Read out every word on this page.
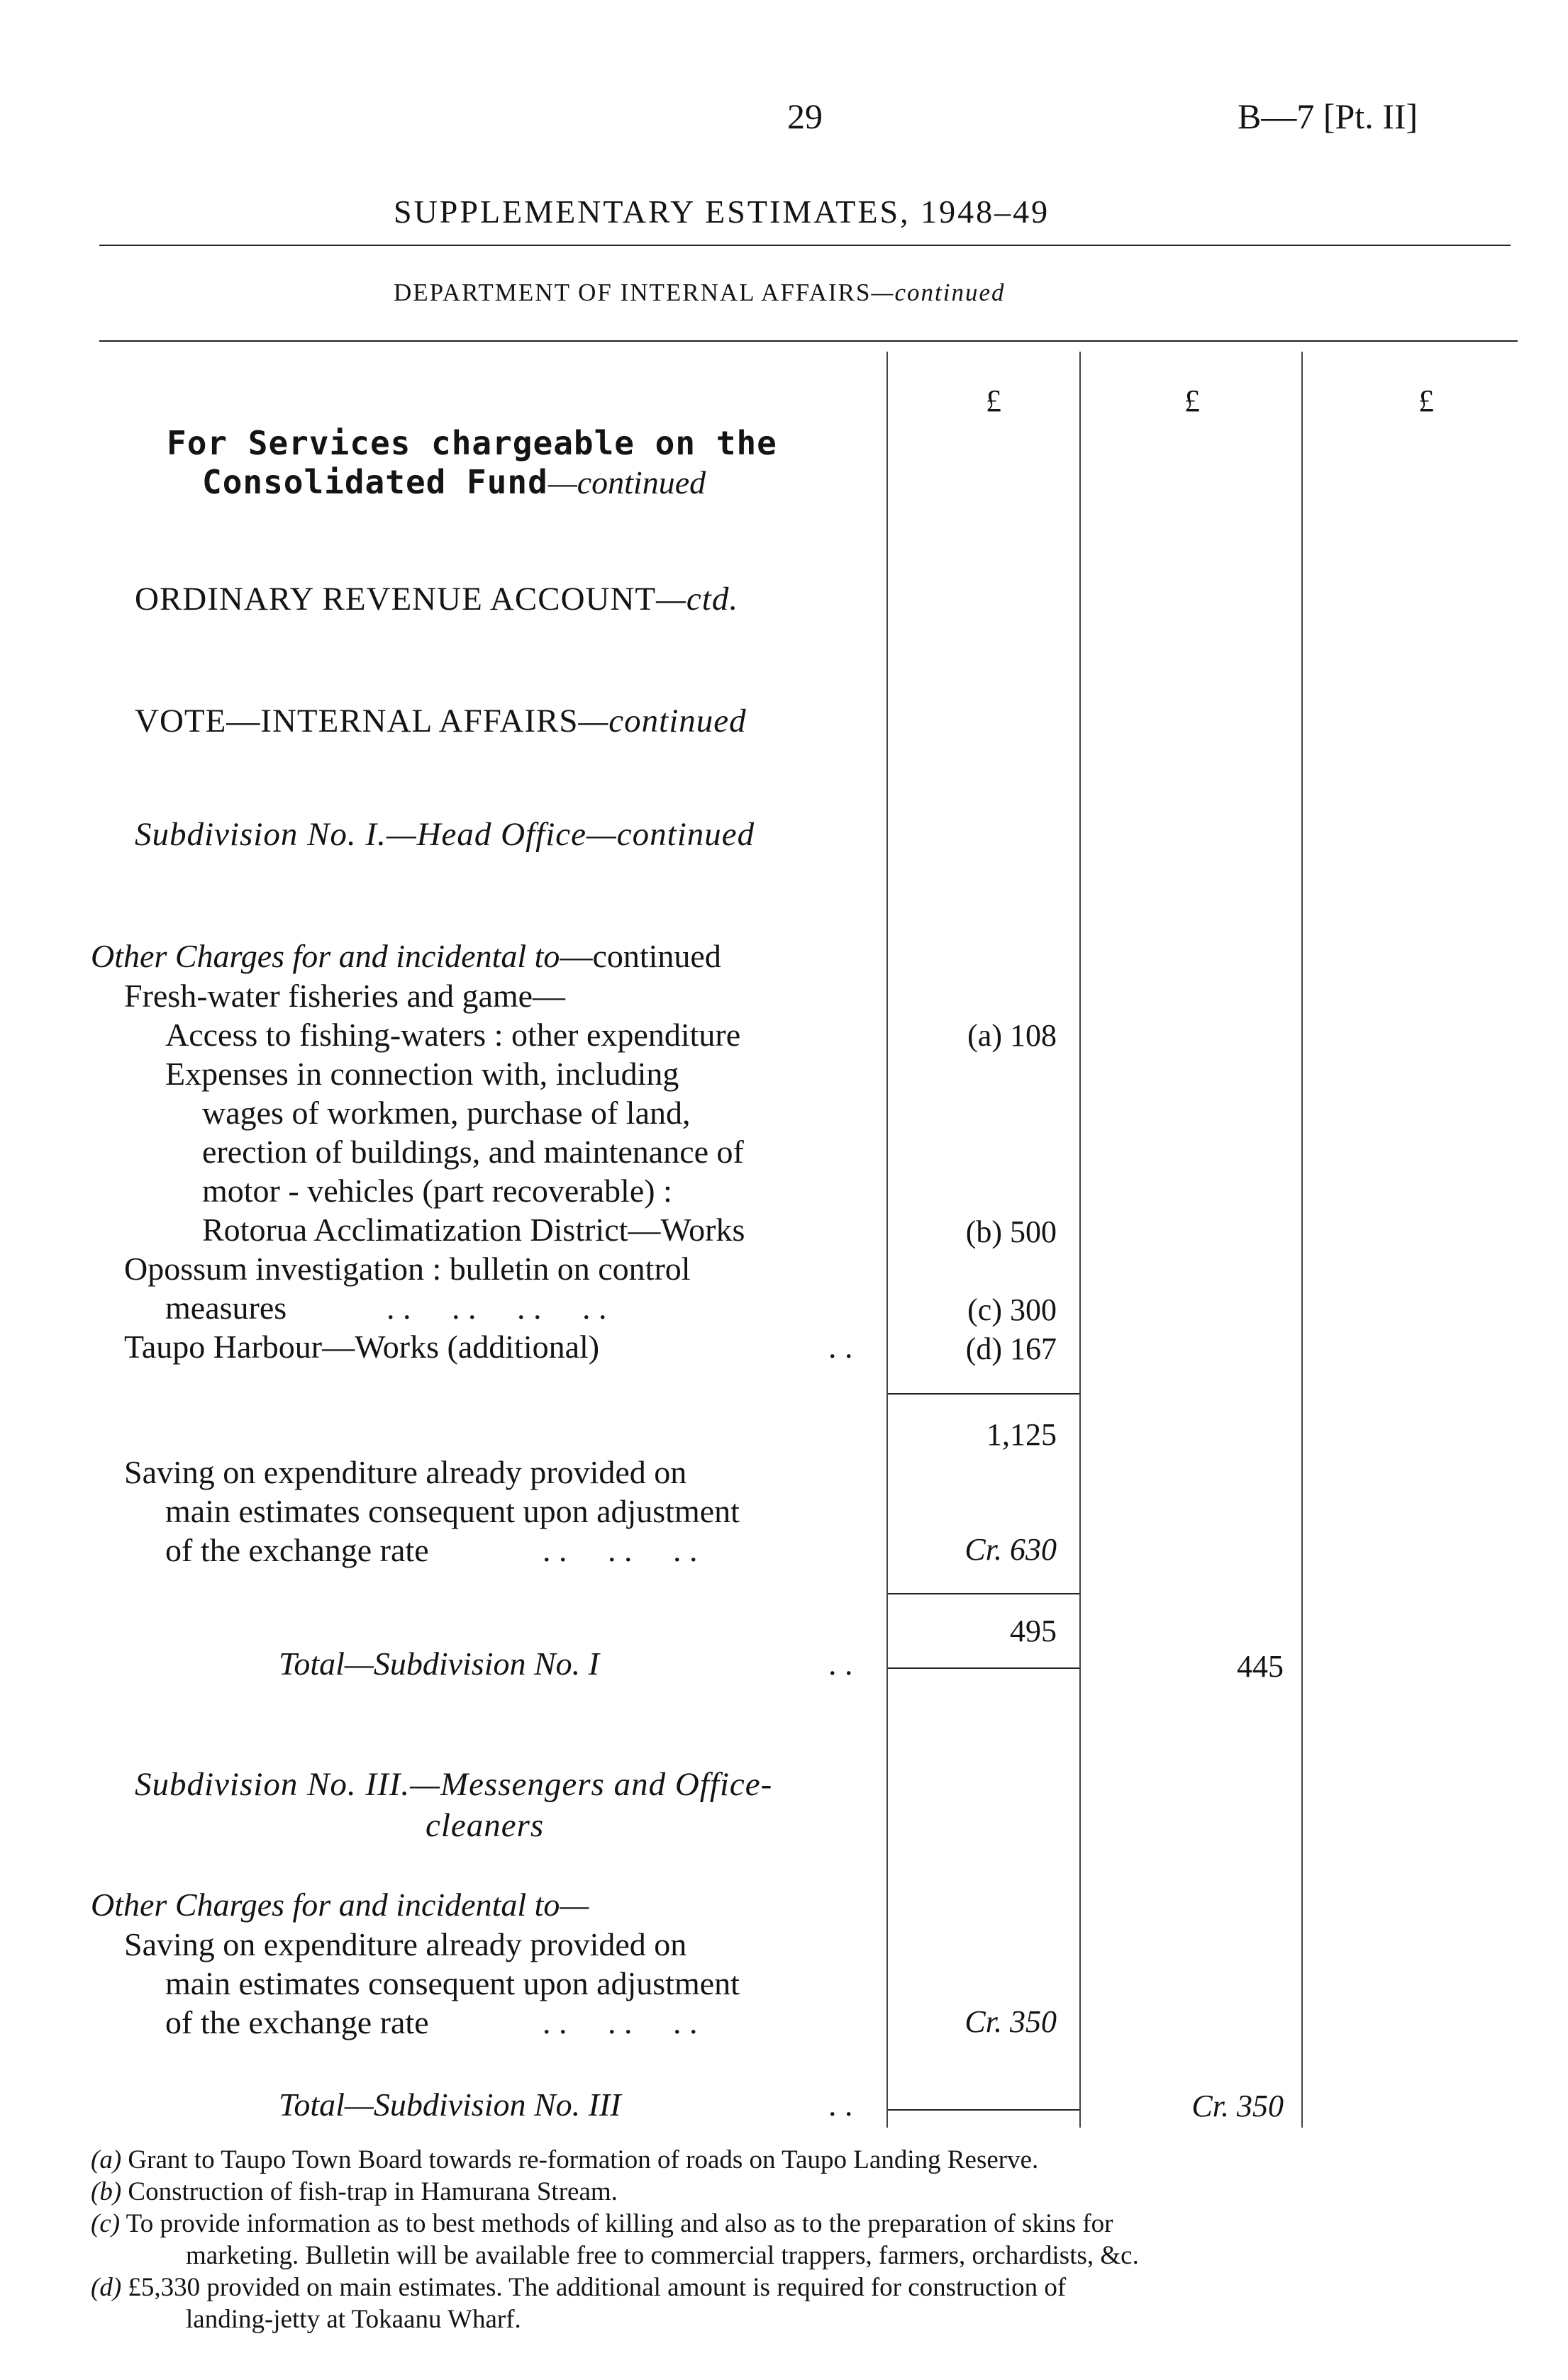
29	B—7 [Pt. II]
SUPPLEMENTARY ESTIMATES, 1948–49
DEPARTMENT OF INTERNAL AFFAIRS—continued
£	£	£
For Services chargeable on the
Consolidated Fund—continued
ORDINARY REVENUE ACCOUNT—ctd.
VOTE—INTERNAL AFFAIRS—continued
Subdivision No. I.—Head Office—continued
Other Charges for and incidental to—continued
Fresh-water fisheries and game—
Access to fishing-waters : other expenditure	(a) 108
Expenses in connection with, including
wages of workmen, purchase of land,
erection of buildings, and maintenance of
motor - vehicles (part recoverable) :
Rotorua Acclimatization District—Works	(b) 500
Opossum investigation : bulletin on control
measures	. .     . .     . .     . .	(c) 300
Taupo Harbour—Works (additional)	. .	(d) 167
1,125
Saving on expenditure already provided on
main estimates consequent upon adjustment
of the exchange rate	. .     . .     . .	Cr. 630
495
Total—Subdivision No. I	. .	445
Subdivision No. III.—Messengers and Office-
cleaners
Other Charges for and incidental to—
Saving on expenditure already provided on
main estimates consequent upon adjustment
of the exchange rate	. .     . .     . .	Cr. 350
Total—Subdivision No. III	. .	Cr. 350
(a) Grant to Taupo Town Board towards re-formation of roads on Taupo Landing Reserve.
(b) Construction of fish-trap in Hamurana Stream.
(c) To provide information as to best methods of killing and also as to the preparation of skins for
marketing. Bulletin will be available free to commercial trappers, farmers, orchardists, &c.
(d) £5,330 provided on main estimates. The additional amount is required for construction of
landing-jetty at Tokaanu Wharf.
